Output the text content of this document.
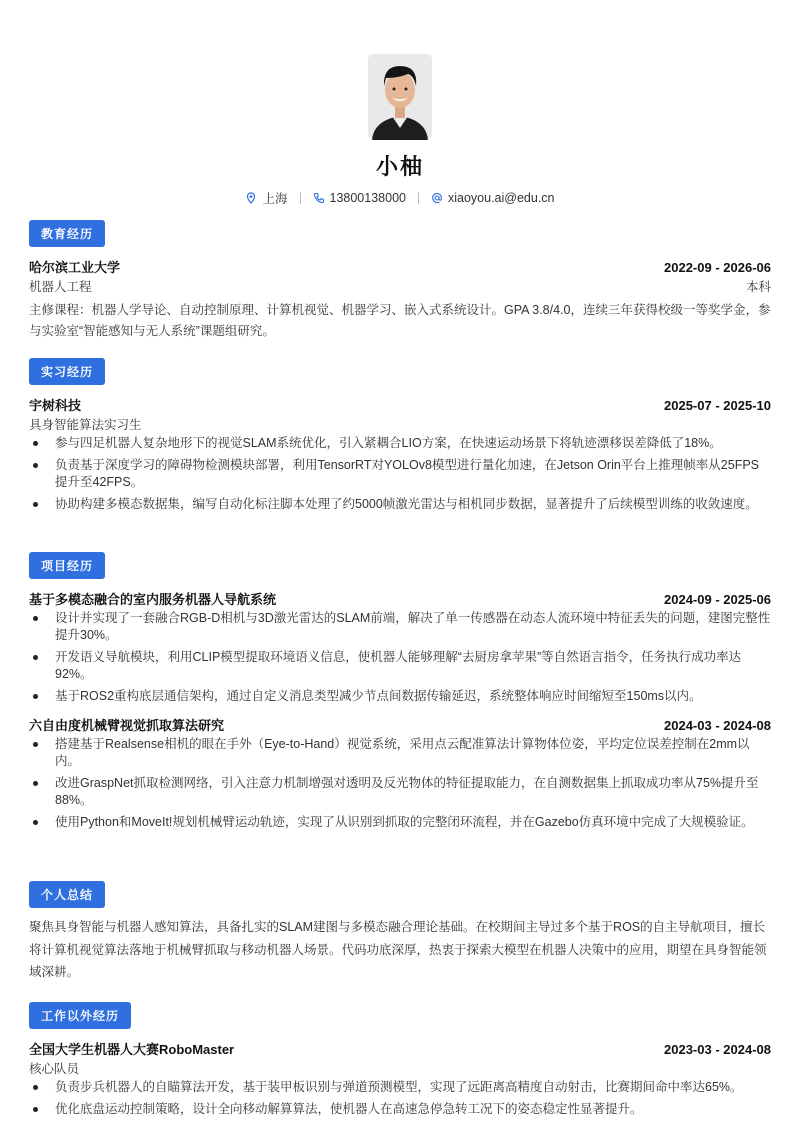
小柚
上海	13800138000	xiaoyou.ai@edu.cn
教育经历
哈尔滨工业大学	2022-09 - 2026-06
机器人工程	本科
主修课程：机器人学导论、自动控制原理、计算机视觉、机器学习、嵌入式系统设计。GPA 3.8/4.0，连续三年获得校级一等奖学金，参与实验室“智能感知与无人系统”课题组研究。
实习经历
宇树科技	2025-07 - 2025-10
具身智能算法实习生
参与四足机器人复杂地形下的视觉SLAM系统优化，引入紧耦合LIO方案，在快速运动场景下将轨迹漂移误差降低了18%。
负责基于深度学习的障碍物检测模块部署，利用TensorRT对YOLOv8模型进行量化加速，在Jetson Orin平台上推理帧率从25FPS提升至42FPS。
协助构建多模态数据集，编写自动化标注脚本处理了约5000帧激光雷达与相机同步数据，显著提升了后续模型训练的收敛速度。
项目经历
基于多模态融合的室内服务机器人导航系统	2024-09 - 2025-06
设计并实现了一套融合RGB-D相机与3D激光雷达的SLAM前端，解决了单一传感器在动态人流环境中特征丢失的问题，建图完整性提升30%。
开发语义导航模块，利用CLIP模型提取环境语义信息，使机器人能够理解“去厨房拿苹果”等自然语言指令，任务执行成功率达92%。
基于ROS2重构底层通信架构，通过自定义消息类型减少节点间数据传输延迟，系统整体响应时间缩短至150ms以内。
六自由度机械臂视觉抓取算法研究	2024-03 - 2024-08
搭建基于Realsense相机的眼在手外（Eye-to-Hand）视觉系统，采用点云配准算法计算物体位姿，平均定位误差控制在2mm以内。
改进GraspNet抓取检测网络，引入注意力机制增强对透明及反光物体的特征提取能力，在自测数据集上抓取成功率从75%提升至88%。
使用Python和MoveIt!规划机械臂运动轨迹，实现了从识别到抓取的完整闭环流程，并在Gazebo仿真环境中完成了大规模验证。
个人总结
聚焦具身智能与机器人感知算法，具备扎实的SLAM建图与多模态融合理论基础。在校期间主导过多个基于ROS的自主导航项目，擅长将计算机视觉算法落地于机械臂抓取与移动机器人场景。代码功底深厚，热衷于探索大模型在机器人决策中的应用，期望在具身智能领域深耕。
工作以外经历
全国大学生机器人大赛RoboMaster	2023-03 - 2024-08
核心队员
负责步兵机器人的自瞄算法开发，基于装甲板识别与弹道预测模型，实现了远距离高精度自动射击，比赛期间命中率达65%。
优化底盘运动控制策略，设计全向移动解算算法，使机器人在高速急停急转工况下的姿态稳定性显著提升。
